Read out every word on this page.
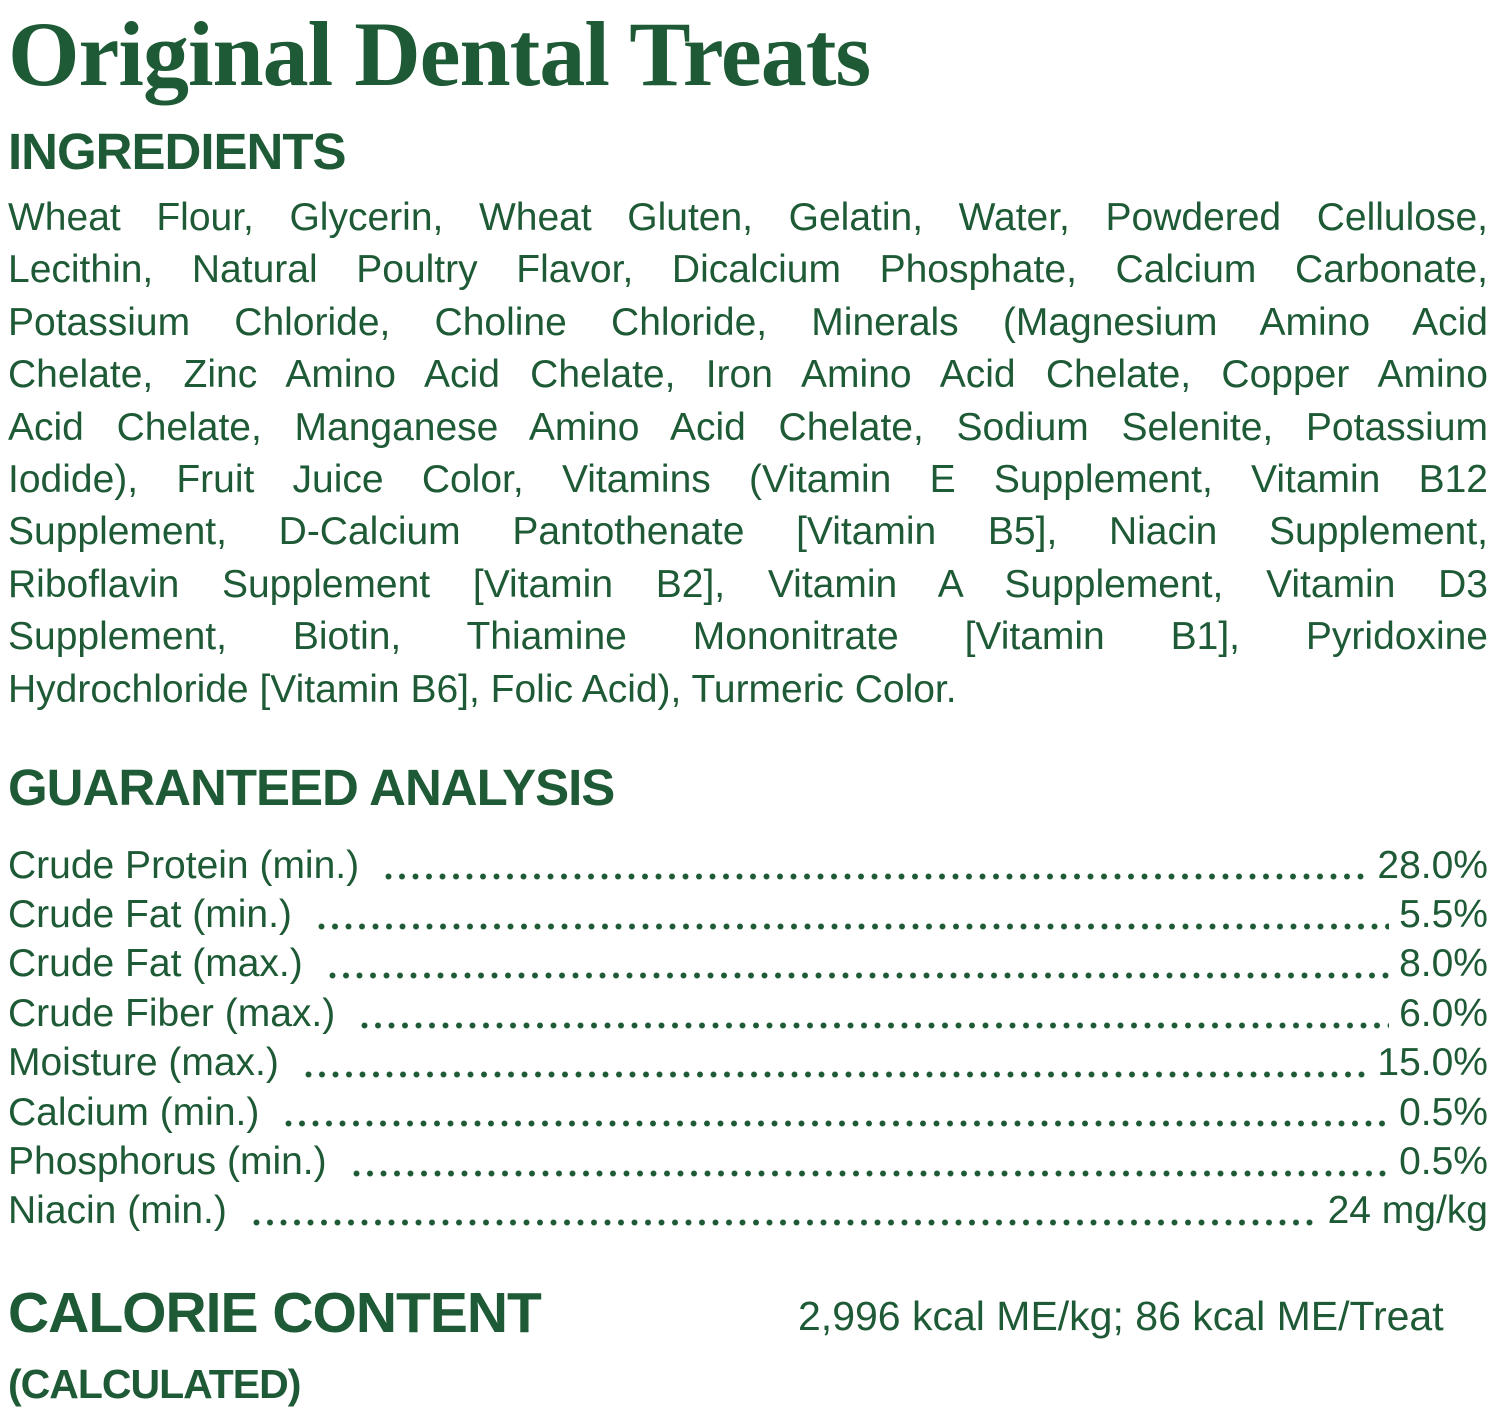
Original Dental Treats
INGREDIENTS
Wheat Flour, Glycerin, Wheat Gluten, Gelatin, Water, Powdered Cellulose,
Lecithin, Natural Poultry Flavor, Dicalcium Phosphate, Calcium Carbonate,
Potassium Chloride, Choline Chloride, Minerals (Magnesium Amino Acid
Chelate, Zinc Amino Acid Chelate, Iron Amino Acid Chelate, Copper Amino
Acid Chelate, Manganese Amino Acid Chelate, Sodium Selenite, Potassium
Iodide), Fruit Juice Color, Vitamins (Vitamin E Supplement, Vitamin B12
Supplement, D-Calcium Pantothenate [Vitamin B5], Niacin Supplement,
Riboflavin Supplement [Vitamin B2], Vitamin A Supplement, Vitamin D3
Supplement, Biotin, Thiamine Mononitrate [Vitamin B1], Pyridoxine
Hydrochloride [Vitamin B6], Folic Acid), Turmeric Color.
GUARANTEED ANALYSIS
Crude Protein (min.)	28.0%
Crude Fat (min.)	5.5%
Crude Fat (max.)	8.0%
Crude Fiber (max.)	6.0%
Moisture (max.)	15.0%
Calcium (min.)	0.5%
Phosphorus (min.)	0.5%
Niacin (min.)	24 mg/kg
CALORIE CONTENT
(CALCULATED)
2,996 kcal ME/kg; 86 kcal ME/Treat
